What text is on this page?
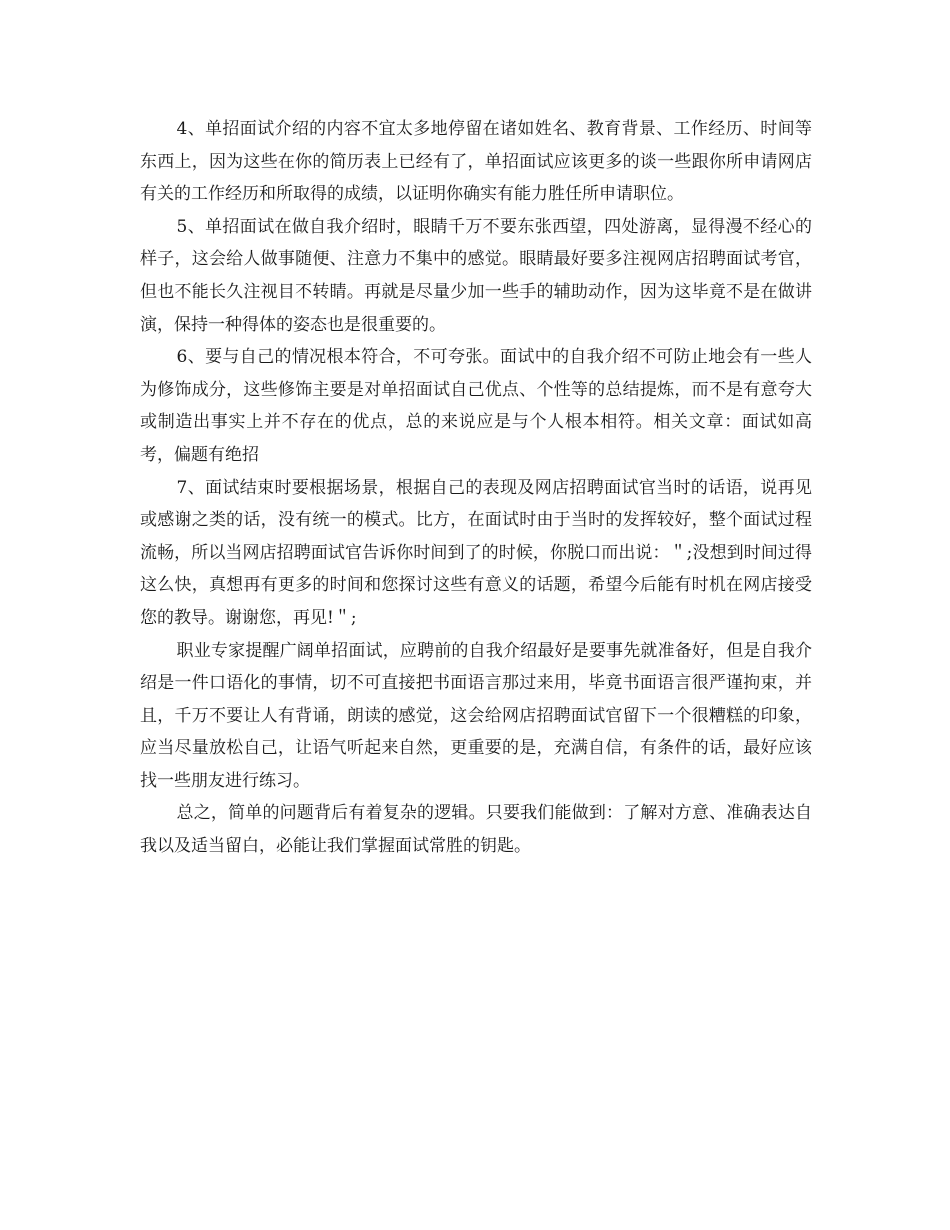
4、单招面试介绍的内容不宜太多地停留在诸如姓名、教育背景、工作经历、时间等东西上，因为这些在你的简历表上已经有了，单招面试应该更多的谈一些跟你所申请网店有关的工作经历和所取得的成绩，以证明你确实有能力胜任所申请职位。

5、单招面试在做自我介绍时，眼睛千万不要东张西望，四处游离，显得漫不经心的样子，这会给人做事随便、注意力不集中的感觉。眼睛最好要多注视网店招聘面试考官，但也不能长久注视目不转睛。再就是尽量少加一些手的辅助动作，因为这毕竟不是在做讲演，保持一种得体的姿态也是很重要的。

6、要与自己的情况根本符合，不可夸张。面试中的自我介绍不可防止地会有一些人为修饰成分，这些修饰主要是对单招面试自己优点、个性等的总结提炼，而不是有意夸大或制造出事实上并不存在的优点，总的来说应是与个人根本相符。相关文章：面试如高考，偏题有绝招

7、面试结束时要根据场景，根据自己的表现及网店招聘面试官当时的话语，说再见或感谢之类的话，没有统一的模式。比方，在面试时由于当时的发挥较好，整个面试过程流畅，所以当网店招聘面试官告诉你时间到了的时候，你脱口而出说：＂;没想到时间过得这么快，真想再有更多的时间和您探讨这些有意义的话题，希望今后能有时机在网店接受您的教导。谢谢您，再见!＂;

职业专家提醒广阔单招面试，应聘前的自我介绍最好是要事先就准备好，但是自我介绍是一件口语化的事情，切不可直接把书面语言那过来用，毕竟书面语言很严谨拘束，并且，千万不要让人有背诵，朗读的感觉，这会给网店招聘面试官留下一个很糟糕的印象，应当尽量放松自己，让语气听起来自然，更重要的是，充满自信，有条件的话，最好应该找一些朋友进行练习。

总之，简单的问题背后有着复杂的逻辑。只要我们能做到：了解对方意、准确表达自我以及适当留白，必能让我们掌握面试常胜的钥匙。
